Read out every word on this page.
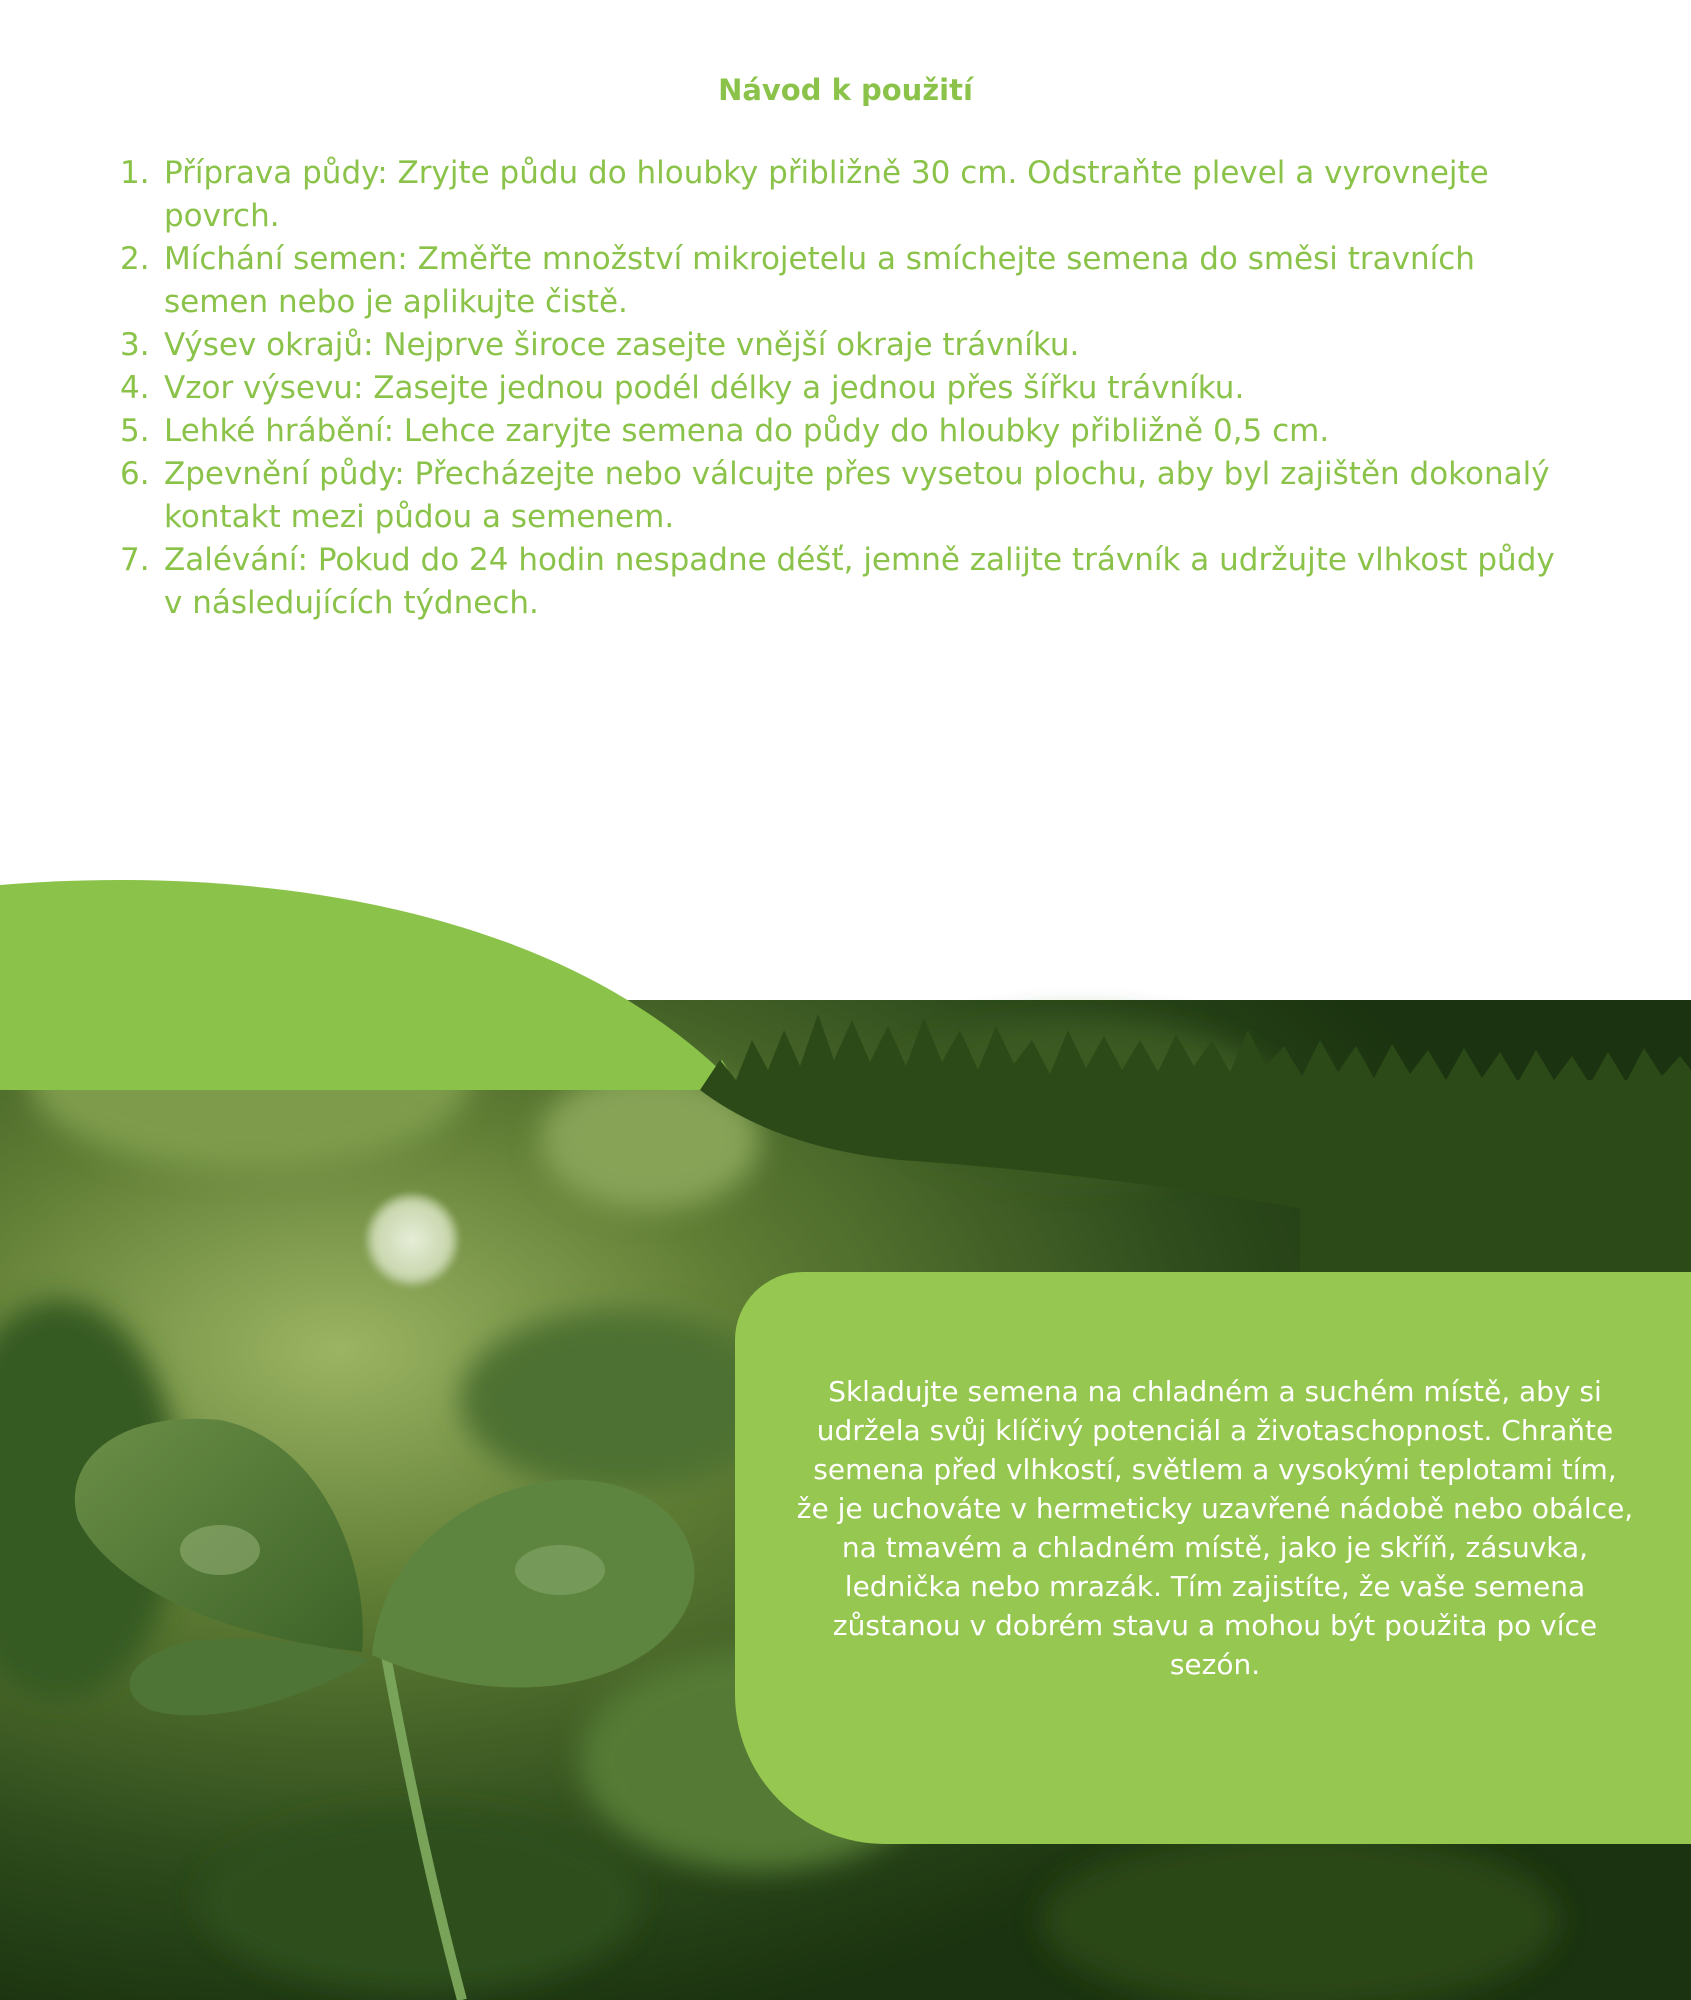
Návod k použití
1. Příprava půdy: Zryjte půdu do hloubky přibližně 30 cm. Odstraňte plevel a vyrovnejte povrch.
2. Míchání semen: Změřte množství mikrojetelu a smíchejte semena do směsi travních semen nebo je aplikujte čistě.
3. Výsev okrajů: Nejprve široce zasejte vnější okraje trávníku.
4. Vzor výsevu: Zasejte jednou podél délky a jednou přes šířku trávníku.
5. Lehké hrábění: Lehce zaryjte semena do půdy do hloubky přibližně 0,5 cm.
6. Zpevnění půdy: Přecházejte nebo válcujte přes vysetou plochu, aby byl zajištěn dokonalý kontakt mezi půdou a semenem.
7. Zalévání: Pokud do 24 hodin nespadne déšť, jemně zalijte trávník a udržujte vlhkost půdy v následujících týdnech.

Skladujte semena na chladném a suchém místě, aby si udržela svůj klíčivý potenciál a životaschopnost. Chraňte semena před vlhkostí, světlem a vysokými teplotami tím, že je uchováte v hermeticky uzavřené nádobě nebo obálce, na tmavém a chladném místě, jako je skříň, zásuvka, lednička nebo mrazák. Tím zajistíte, že vaše semena zůstanou v dobrém stavu a mohou být použita po více sezón.
